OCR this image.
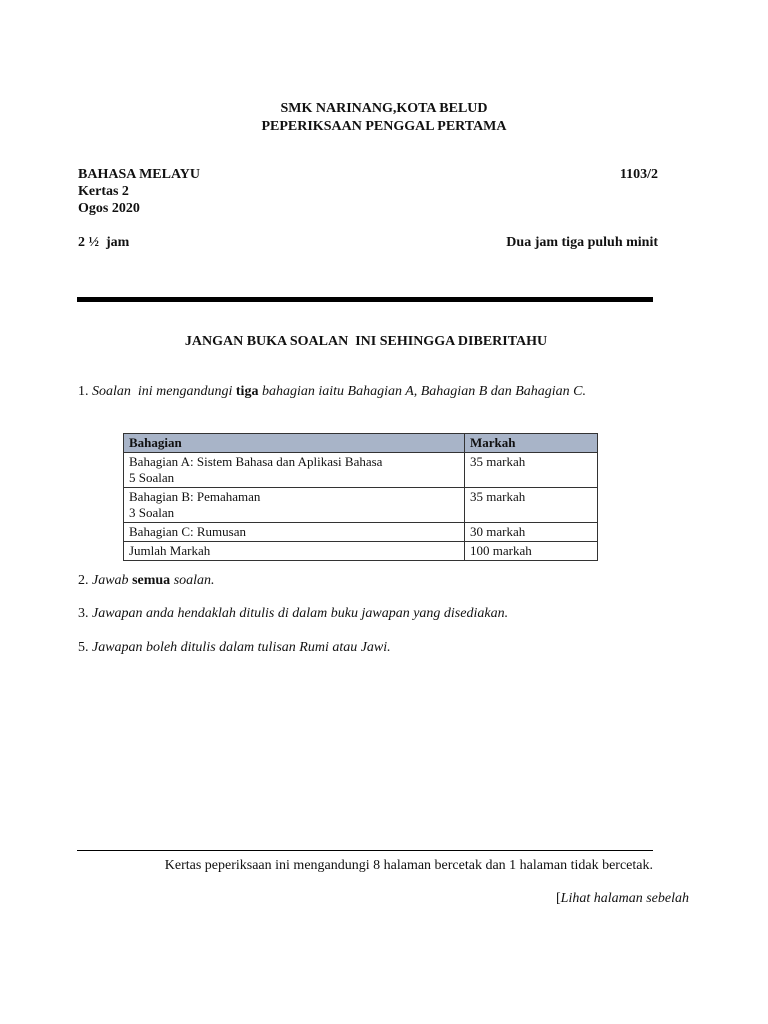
SMK NARINANG,KOTA BELUD
PEPERIKSAAN PENGGAL PERTAMA
BAHASA MELAYU	1103/2
Kertas 2
Ogos 2020
2 ½  jam	Dua jam tiga puluh minit
JANGAN BUKA SOALAN  INI SEHINGGA DIBERITAHU
1. Soalan  ini mengandungi tiga bahagian iaitu Bahagian A, Bahagian B dan Bahagian C.
Bahagian	Markah

Bahagian A: Sistem Bahasa dan Aplikasi Bahasa
5 Soalan	35 markah

Bahagian B: Pemahaman
3 Soalan	35 markah

Bahagian C: Rumusan	30 markah
Jumlah Markah	100 markah
2. Jawab semua soalan.
3. Jawapan anda hendaklah ditulis di dalam buku jawapan yang disediakan.
5. Jawapan boleh ditulis dalam tulisan Rumi atau Jawi.
Kertas peperiksaan ini mengandungi 8 halaman bercetak dan 1 halaman tidak bercetak.
[Lihat halaman sebelah
